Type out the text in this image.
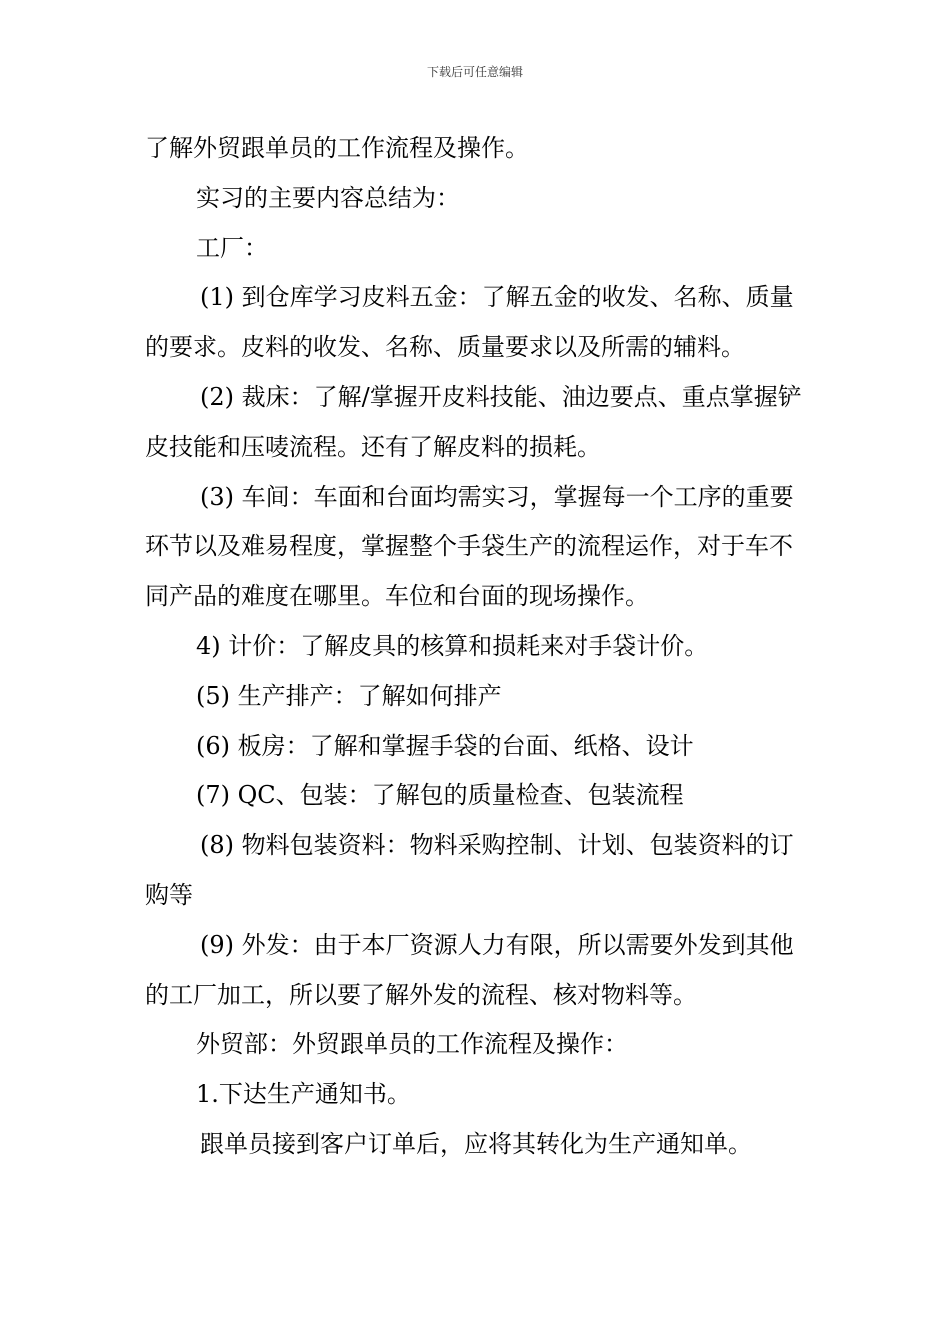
下载后可任意编辑

了解外贸跟单员的工作流程及操作。

实习的主要内容总结为：

工厂：

(1) 到仓库学习皮料五金：了解五金的收发、名称、质量的要求。皮料的收发、名称、质量要求以及所需的辅料。

(2) 裁床：了解/掌握开皮料技能、油边要点、重点掌握铲皮技能和压唛流程。还有了解皮料的损耗。

(3) 车间：车面和台面均需实习，掌握每一个工序的重要环节以及难易程度，掌握整个手袋生产的流程运作，对于车不同产品的难度在哪里。车位和台面的现场操作。

4) 计价：了解皮具的核算和损耗来对手袋计价。

(5) 生产排产：了解如何排产

(6) 板房：了解和掌握手袋的台面、纸格、设计

(7) QC、包装：了解包的质量检查、包装流程

(8) 物料包装资料：物料采购控制、计划、包装资料的订购等

(9) 外发：由于本厂资源人力有限，所以需要外发到其他的工厂加工，所以要了解外发的流程、核对物料等。

外贸部：外贸跟单员的工作流程及操作：

1.下达生产通知书。

跟单员接到客户订单后，应将其转化为生产通知单。
